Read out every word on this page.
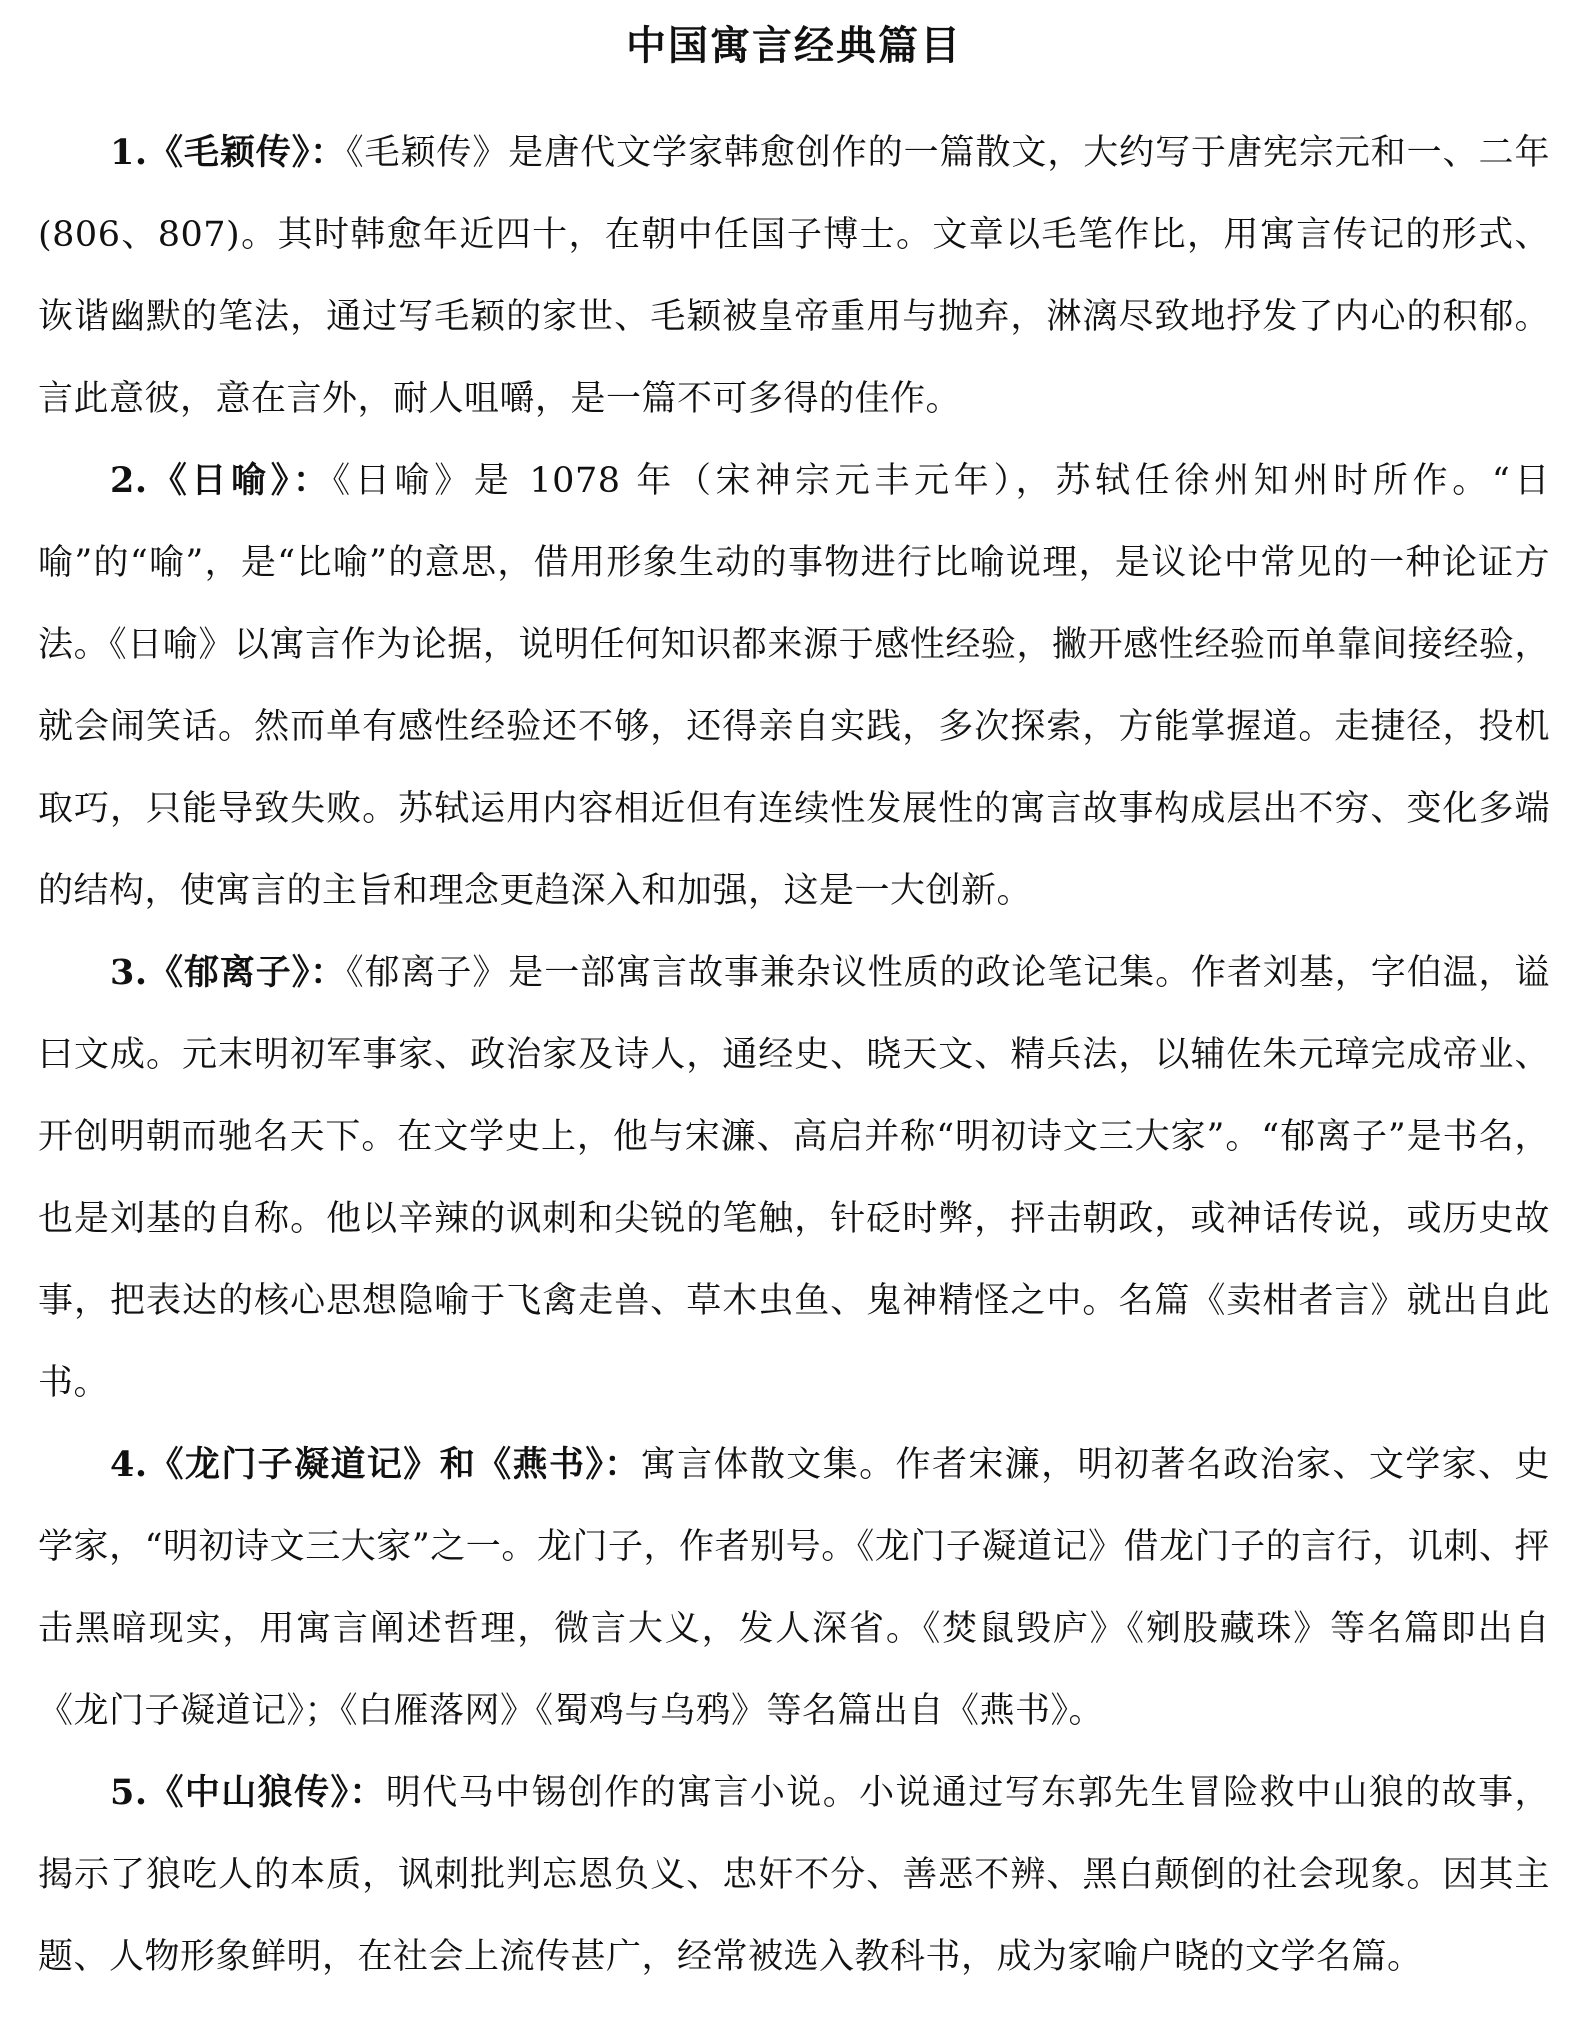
中国寓言经典篇目

1.《毛颖传》：《毛颖传》是唐代文学家韩愈创作的一篇散文，大约写于唐宪宗元和一、二年(806、807)。其时韩愈年近四十，在朝中任国子博士。文章以毛笔作比，用寓言传记的形式、诙谐幽默的笔法，通过写毛颖的家世、毛颖被皇帝重用与抛弃，淋漓尽致地抒发了内心的积郁。言此意彼，意在言外，耐人咀嚼，是一篇不可多得的佳作。

2.《日喻》：《日喻》是 1078 年（宋神宗元丰元年），苏轼任徐州知州时所作。“日喻”的“喻”，是“比喻”的意思，借用形象生动的事物进行比喻说理，是议论中常见的一种论证方法。《日喻》以寓言作为论据，说明任何知识都来源于感性经验，撇开感性经验而单靠间接经验，就会闹笑话。然而单有感性经验还不够，还得亲自实践，多次探索，方能掌握道。走捷径，投机取巧，只能导致失败。苏轼运用内容相近但有连续性发展性的寓言故事构成层出不穷、变化多端的结构，使寓言的主旨和理念更趋深入和加强，这是一大创新。

3.《郁离子》：《郁离子》是一部寓言故事兼杂议性质的政论笔记集。作者刘基，字伯温，谥曰文成。元末明初军事家、政治家及诗人，通经史、晓天文、精兵法，以辅佐朱元璋完成帝业、开创明朝而驰名天下。在文学史上，他与宋濂、高启并称“明初诗文三大家”。“郁离子”是书名，也是刘基的自称。他以辛辣的讽刺和尖锐的笔触，针砭时弊，抨击朝政，或神话传说，或历史故事，把表达的核心思想隐喻于飞禽走兽、草木虫鱼、鬼神精怪之中。名篇《卖柑者言》就出自此书。

4.《龙门子凝道记》和《燕书》：寓言体散文集。作者宋濂，明初著名政治家、文学家、史学家，“明初诗文三大家”之一。龙门子，作者别号。《龙门子凝道记》借龙门子的言行，讥刺、抨击黑暗现实，用寓言阐述哲理，微言大义，发人深省。《焚鼠毁庐》《剜股藏珠》等名篇即出自《龙门子凝道记》；《白雁落网》《蜀鸡与乌鸦》等名篇出自《燕书》。

5.《中山狼传》：明代马中锡创作的寓言小说。小说通过写东郭先生冒险救中山狼的故事，揭示了狼吃人的本质，讽刺批判忘恩负义、忠奸不分、善恶不辨、黑白颠倒的社会现象。因其主题、人物形象鲜明，在社会上流传甚广，经常被选入教科书，成为家喻户晓的文学名篇。
